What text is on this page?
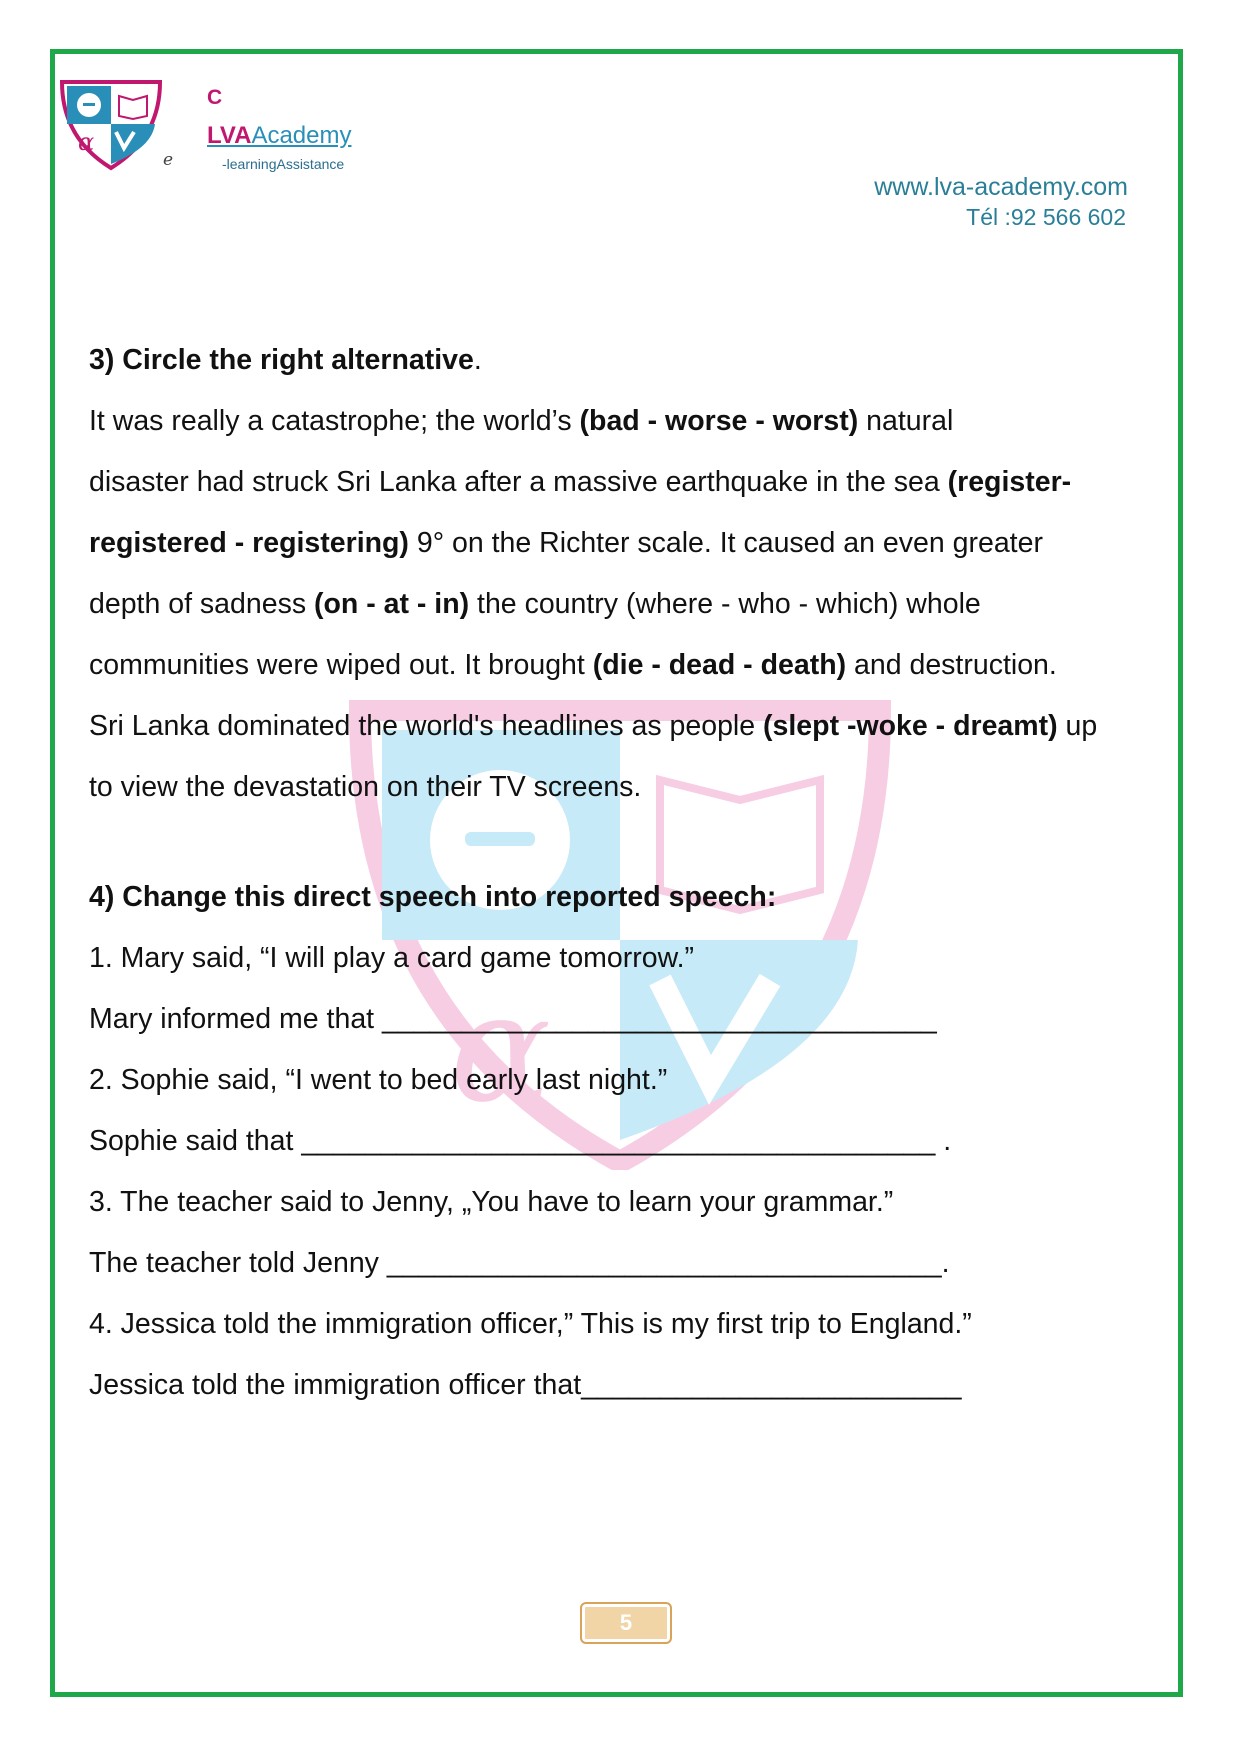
α
e
C
LVAAcademy
-learningAssistance
www.lva-academy.com
Tél :92 566 602
α
3) Circle the right alternative.
It was really a catastrophe; the world’s (bad - worse - worst) natural
disaster had struck Sri Lanka after a massive earthquake in the sea (register-
registered - registering) 9° on the Richter scale. It caused an even greater
depth of sadness (on - at - in) the country (where - who - which) whole
communities were wiped out. It brought (die - dead - death) and destruction.
Sri Lanka dominated the world's headlines as people (slept -woke - dreamt) up
to view the devastation on their TV screens.
4) Change this direct speech into reported speech:
1. Mary said, “I will play a card game tomorrow.”
Mary informed me that ___________________________________
2. Sophie said, “I went to bed early last night.”
Sophie said that ________________________________________ .
3. The teacher said to Jenny, „You have to learn your grammar.”
The teacher told Jenny ___________________________________.
4. Jessica told the immigration officer,” This is my first trip to England.”
Jessica told the immigration officer that________________________
5
